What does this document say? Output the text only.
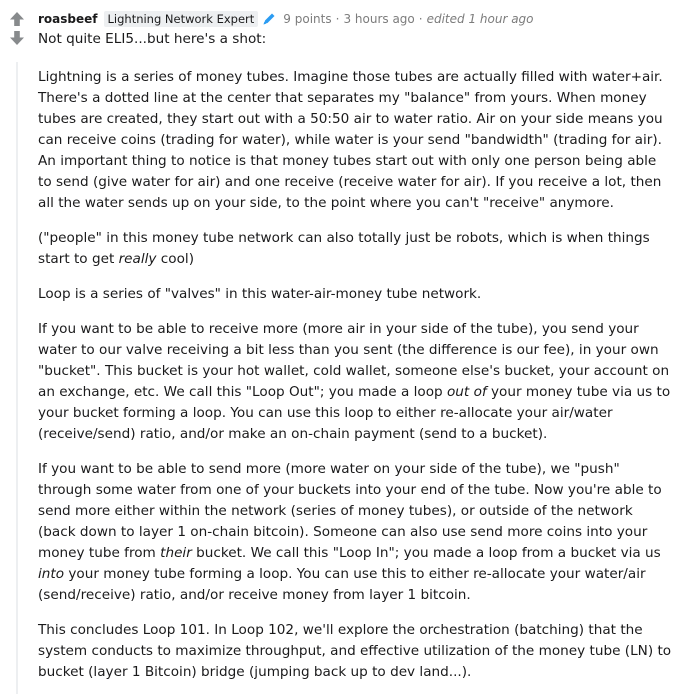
roasbeef Lightning Network Expert	9 points · 3 hours ago · edited 1 hour ago

Not quite ELI5...but here's a shot:

Lightning is a series of money tubes. Imagine those tubes are actually filled with water+air. There's a dotted line at the center that separates my "balance" from yours. When money tubes are created, they start out with a 50:50 air to water ratio. Air on your side means you can receive coins (trading for water), while water is your send "bandwidth" (trading for air). An important thing to notice is that money tubes start out with only one person being able to send (give water for air) and one receive (receive water for air). If you receive a lot, then all the water sends up on your side, to the point where you can't "receive" anymore.

("people" in this money tube network can also totally just be robots, which is when things start to get really cool)

Loop is a series of "valves" in this water-air-money tube network.

If you want to be able to receive more (more air in your side of the tube), you send your water to our valve receiving a bit less than you sent (the difference is our fee), in your own "bucket". This bucket is your hot wallet, cold wallet, someone else's bucket, your account on an exchange, etc. We call this "Loop Out"; you made a loop out of your money tube via us to your bucket forming a loop. You can use this loop to either re-allocate your air/water (receive/send) ratio, and/or make an on-chain payment (send to a bucket).

If you want to be able to send more (more water on your side of the tube), we "push" through some water from one of your buckets into your end of the tube. Now you're able to send more either within the network (series of money tubes), or outside of the network (back down to layer 1 on-chain bitcoin). Someone can also use send more coins into your money tube from their bucket. We call this "Loop In"; you made a loop from a bucket via us into your money tube forming a loop. You can use this to either re-allocate your water/air (send/receive) ratio, and/or receive money from layer 1 bitcoin.

This concludes Loop 101. In Loop 102, we'll explore the orchestration (batching) that the system conducts to maximize throughput, and effective utilization of the money tube (LN) to bucket (layer 1 Bitcoin) bridge (jumping back up to dev land...).
